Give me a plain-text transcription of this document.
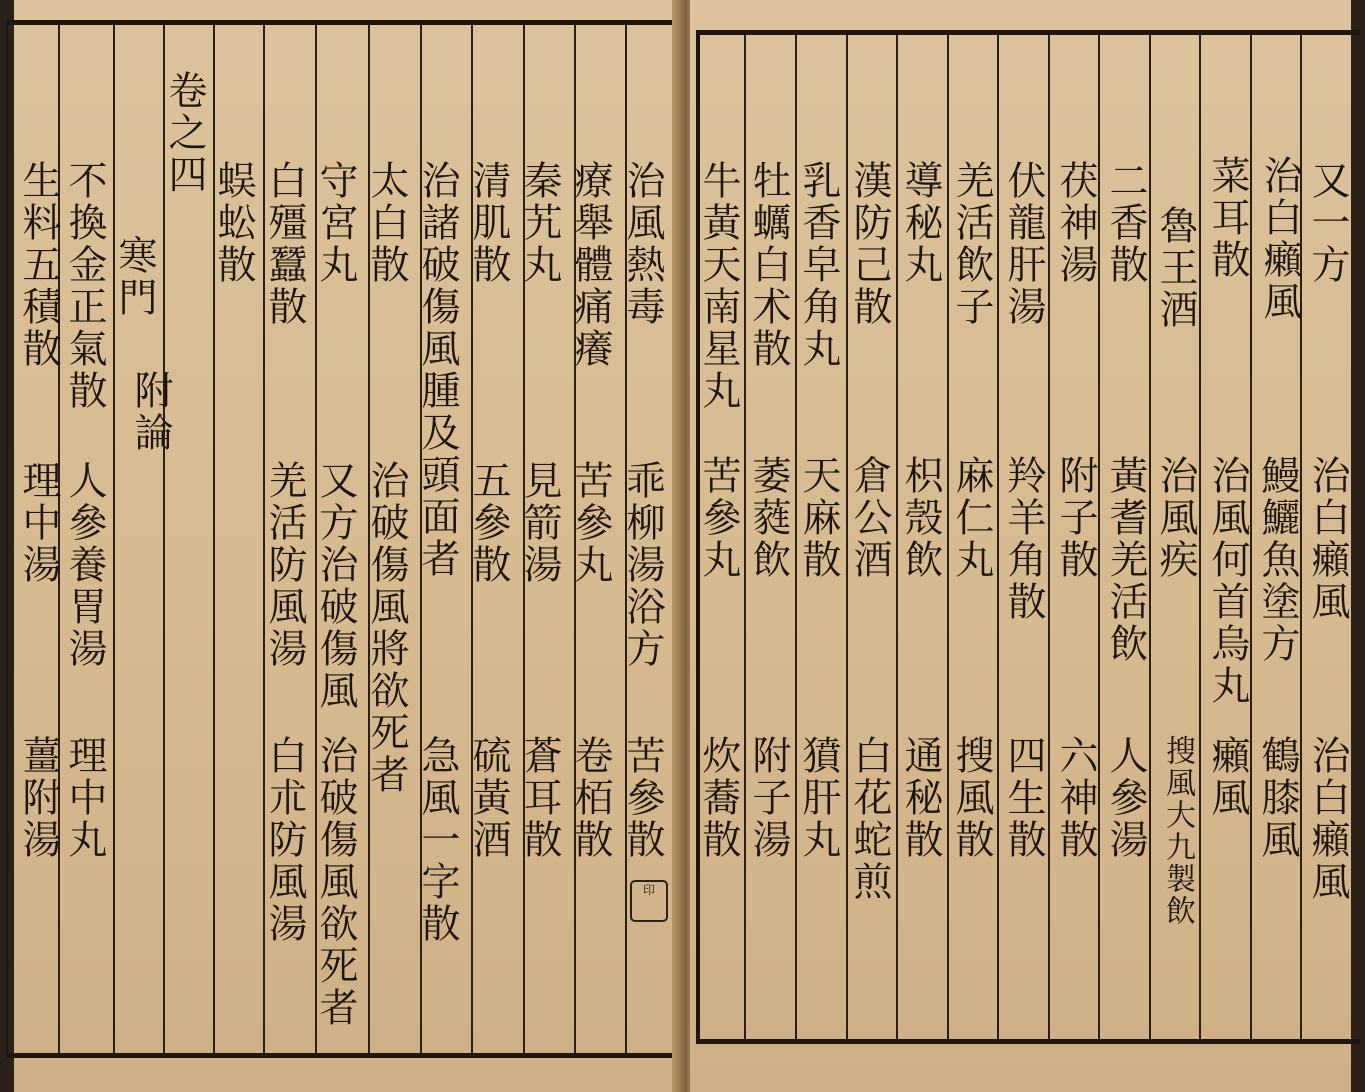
印
又一方
治白癩風
治白癩風
治白癩風
菜耳散
鰻鱺魚塗方
鶴膝風
魯王酒
治風何首烏丸
癩風
治風疾
搜風大九製飲
二香散
黃耆羌活飲
人參湯
茯神湯
附子散
六神散
伏龍肝湯
羚羊角散
四生散
羌活飲子
麻仁丸
搜風散
導秘丸
枳殼飲
通秘散
漢防己散
倉公酒
白花蛇煎
乳香皁角丸
天麻散
獖肝丸
牡蠣白术散
萎蕤飲
附子湯
牛黃天南星丸
苦參丸
炊蕎散
治風熱毒
乖柳湯浴方
苦參散
療舉體痛癢
苦參丸
卷栢散
秦艽丸
見箭湯
蒼耳散
清肌散
五參散
硫黃酒
治諸破傷風腫及頭面者
太白散
治破傷風將欲死者
急風一字散
守宮丸
又方治破傷風
治破傷風欲死者
白殭蠶散
羌活防風湯
白朮防風湯
蜈蚣散
卷之四
寒門
附論
不換金正氣散
人參養胃湯
理中丸
理中湯
薑附湯
生料五積散
